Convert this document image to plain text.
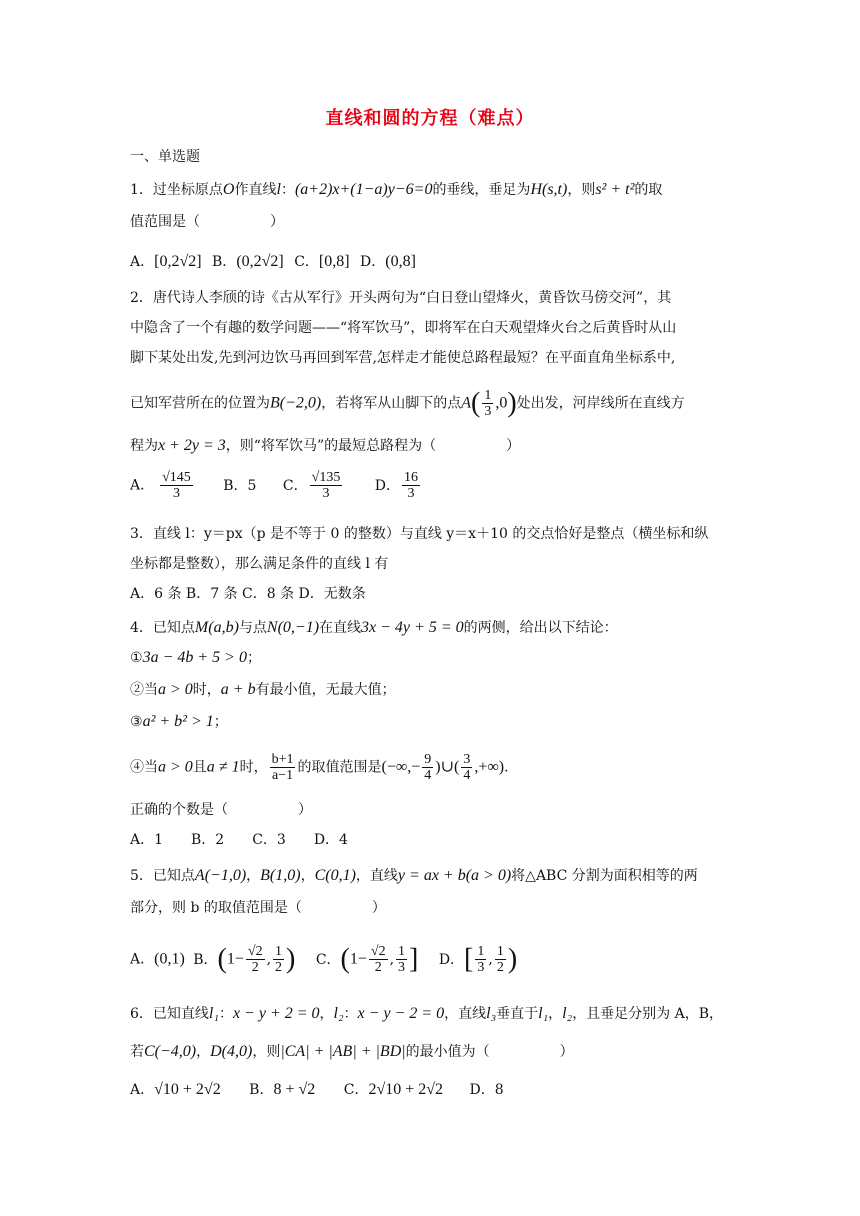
直线和圆的方程（难点）
一、单选题
1．过坐标原点O作直线l：(a+2)x+(1−a)y−6=0的垂线，垂足为H(s,t)，则s² + t²的取
值范围是（　　　　　）
A．[0,2√2] B．(0,2√2] C．[0,8] D．(0,8]
2．唐代诗人李颀的诗《古从军行》开头两句为“白日登山望烽火，黄昏饮马傍交河”，其
中隐含了一个有趣的数学问题——“将军饮马”，即将军在白天观望烽火台之后黄昏时从山
脚下某处出发,先到河边饮马再回到军营,怎样走才能使总路程最短？在平面直角坐标系中,
已知军营所在的位置为B(−2,0)，若将军从山脚下的点$A( \frac{1}{3} ,0)$处出发，河岸线所在直线方
程为x + 2y = 3，则“将军饮马”的最短总路程为（　　　　　）
A． $\frac{√145}{3}$ B．5 C． $\frac{√135}{3}$ D． $\frac{16}{3}$
3．直线 l：y＝px（p 是不等于 0 的整数）与直线 y＝x＋10 的交点恰好是整点（横坐标和纵
坐标都是整数），那么满足条件的直线 l 有
A．6 条 B．7 条 C．8 条 D．无数条
4．已知点M(a,b)与点N(0,−1)在直线3x − 4y + 5 = 0的两侧，给出以下结论：
①3a − 4b + 5 > 0；
②当a > 0时，a + b有最小值，无最大值；
③a² + b² > 1；
④当a > 0且a ≠ 1时， $\frac{b+1}{a-1}$ 的取值范围是(−∞,− $\frac{9}{4}$ )∪( $\frac{3}{4}$ ,+∞).
正确的个数是（　　　　　）
A．1　　B．2　　C．3　　D．4
5．已知点A(−1,0)，B(1,0)，C(0,1)，直线y = ax + b(a > 0)将△ABC 分割为面积相等的两
部分，则 b 的取值范围是（　　　　　）
A．(0,1) B．($1- \frac{√2}{2}$ , $\frac{1}{2}$ ) C．($1- \frac{√2}{2}$ , $\frac{1}{3}$ ] D．[ $\frac{1}{3}$ , $\frac{1}{2}$ )
6．已知直线l₁：x − y + 2 = 0，l₂：x − y − 2 = 0，直线l₃垂直于l₁，l₂，且垂足分别为 A，B，
若C(−4,0)，D(4,0)，则|CA| + |AB| + |BD|的最小值为（　　　　　）
A．√10 + 2√2 B．8 + √2 C．2√10 + 2√2 D．8
